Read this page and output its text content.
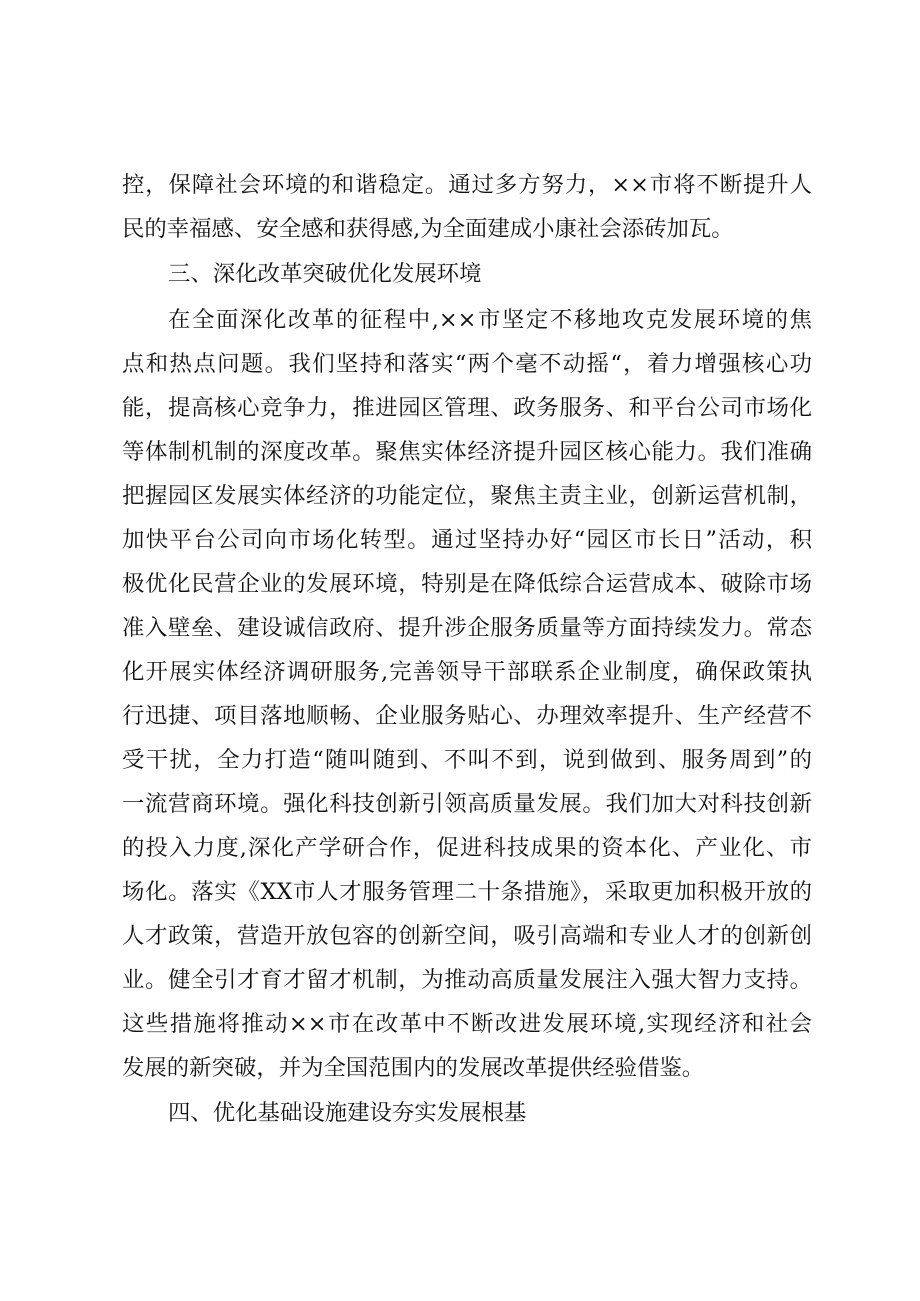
控，保障社会环境的和谐稳定。通过多方努力，××市将不断提升人
民的幸福感、安全感和获得感,为全面建成小康社会添砖加瓦。
三、深化改革突破优化发展环境
在全面深化改革的征程中,××市坚定不移地攻克发展环境的焦
点和热点问题。我们坚持和落实“两个毫不动摇“，着力增强核心功
能，提高核心竞争力，推进园区管理、政务服务、和平台公司市场化
等体制机制的深度改革。聚焦实体经济提升园区核心能力。我们准确
把握园区发展实体经济的功能定位，聚焦主责主业，创新运营机制，
加快平台公司向市场化转型。通过坚持办好“园区市长日”活动，积
极优化民营企业的发展环境，特别是在降低综合运营成本、破除市场
准入壁垒、建设诚信政府、提升涉企服务质量等方面持续发力。常态
化开展实体经济调研服务,完善领导干部联系企业制度，确保政策执
行迅捷、项目落地顺畅、企业服务贴心、办理效率提升、生产经营不
受干扰，全力打造“随叫随到、不叫不到，说到做到、服务周到”的
一流营商环境。强化科技创新引领高质量发展。我们加大对科技创新
的投入力度,深化产学研合作，促进科技成果的资本化、产业化、市
场化。落实《XX市人才服务管理二十条措施》，采取更加积极开放的
人才政策，营造开放包容的创新空间，吸引高端和专业人才的创新创
业。健全引才育才留才机制，为推动高质量发展注入强大智力支持。
这些措施将推动××市在改革中不断改进发展环境,实现经济和社会
发展的新突破，并为全国范围内的发展改革提供经验借鉴。
四、优化基础设施建设夯实发展根基
